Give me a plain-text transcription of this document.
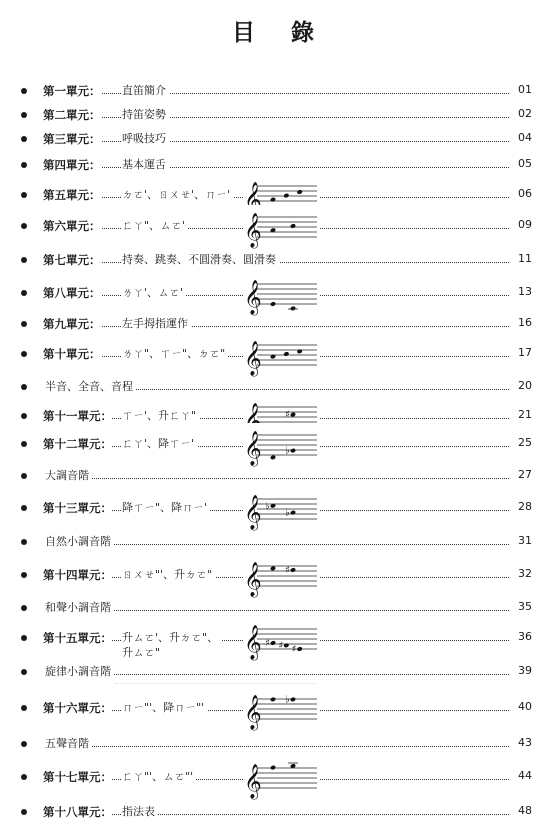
目 錄
第一單元： 直笛簡介	01
第二單元： 持笛姿勢	02
第三單元： 呼吸技巧	04
第四單元： 基本運舌	05
第五單元： ㄉㄛ'、ㄖㄨㄝ'、ㄇㄧ'	06
𝄞
第六單元： ㄈㄚ"、ㄙㄛ'	09
𝄞
第七單元： 持奏、跳奏、不圓滑奏、圓滑奏	11
第八單元： ㄌㄚ'、ㄙㄛ'	13
𝄞
第九單元： 左手拇指運作	16
第十單元： ㄌㄚ"、ㄒㄧ"、ㄉㄛ"	17
𝄞
半音、全音、音程	20
第十一單元： ㄒㄧ'、升ㄈㄚ"	21
𝄞 ♯
第十二單元： ㄈㄚ'、降ㄒㄧ'	25
𝄞 ♭
大調音階	27
第十三單元： 降ㄒㄧ"、降ㄇㄧ'	28
𝄞 ♭
♭
自然小調音階	31
第十四單元： ㄖㄨㄝ"'、升ㄉㄛ"	32
𝄞 ♯
和聲小調音階	35
第十五單元： 升ㄙㄛ'、升ㄉㄛ"、
升ㄙㄛ"
36
𝄞 ♯ ♯ ♯
旋律小調音階	39
第十六單元： ㄇㄧ"'、降ㄇㄧ"'	40
𝄞 ♭
五聲音階	43
第十七單元： ㄈㄚ"'、ㄙㄛ"'	44
𝄞
第十八單元： 指法表	48
